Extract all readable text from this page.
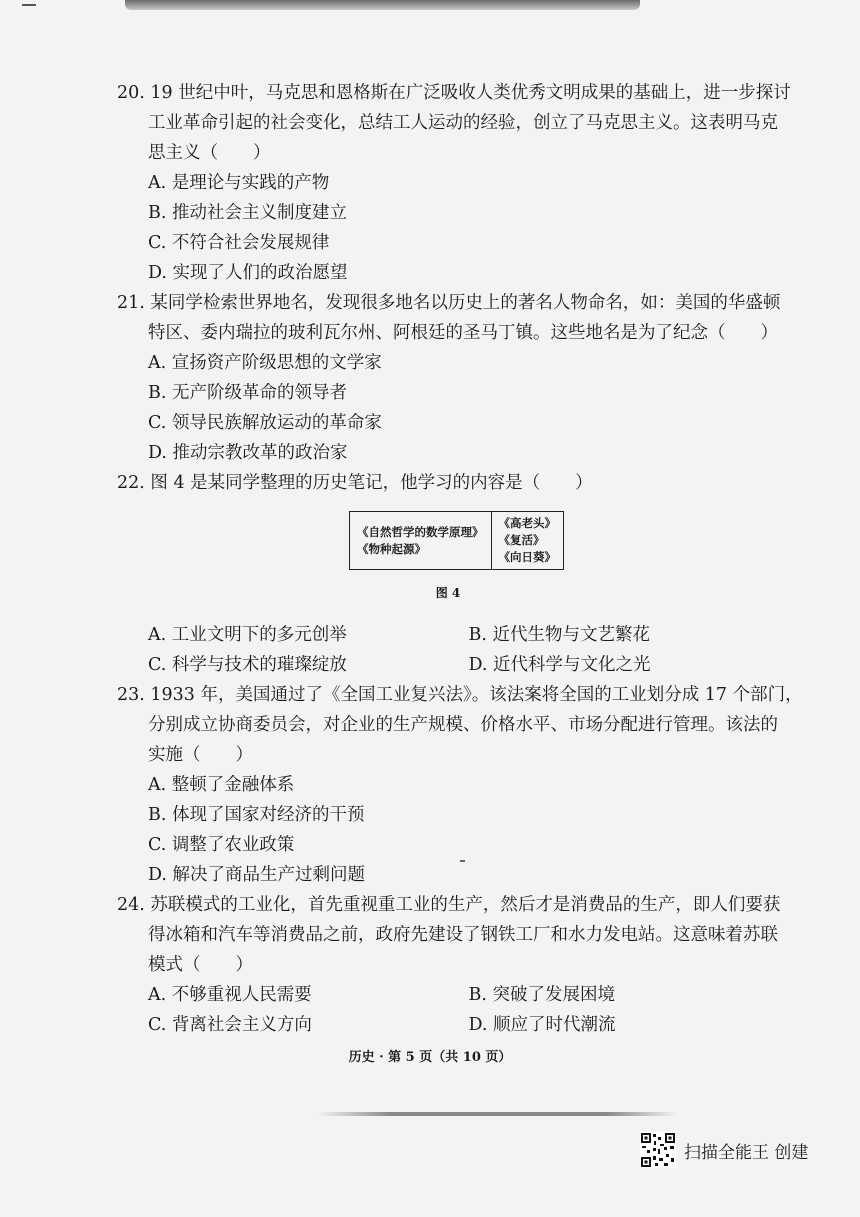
20. 19 世纪中叶，马克思和恩格斯在广泛吸收人类优秀文明成果的基础上，进一步探讨
工业革命引起的社会变化，总结工人运动的经验，创立了马克思主义。这表明马克
思主义（　　）
A. 是理论与实践的产物
B. 推动社会主义制度建立
C. 不符合社会发展规律
D. 实现了人们的政治愿望
21. 某同学检索世界地名，发现很多地名以历史上的著名人物命名，如：美国的华盛顿
特区、委内瑞拉的玻利瓦尔州、阿根廷的圣马丁镇。这些地名是为了纪念（　　）
A. 宣扬资产阶级思想的文学家
B. 无产阶级革命的领导者
C. 领导民族解放运动的革命家
D. 推动宗教改革的政治家
22. 图 4 是某同学整理的历史笔记，他学习的内容是（　　）
《自然哲学的数学原理》
《物种起源》

《高老头》
《复活》
《向日葵》
图 4
A. 工业文明下的多元创举	B. 近代生物与文艺繁花
C. 科学与技术的璀璨绽放	D. 近代科学与文化之光
23. 1933 年，美国通过了《全国工业复兴法》。该法案将全国的工业划分成 17 个部门，
分别成立协商委员会，对企业的生产规模、价格水平、市场分配进行管理。该法的
实施（　　）
A. 整顿了金融体系
B. 体现了国家对经济的干预
C. 调整了农业政策
D. 解决了商品生产过剩问题
24. 苏联模式的工业化，首先重视重工业的生产，然后才是消费品的生产，即人们要获
得冰箱和汽车等消费品之前，政府先建设了钢铁工厂和水力发电站。这意味着苏联
模式（　　）
A. 不够重视人民需要	B. 突破了发展困境
C. 背离社会主义方向	D. 顺应了时代潮流
历史 · 第 5 页（共 10 页）
扫描全能王 创建
